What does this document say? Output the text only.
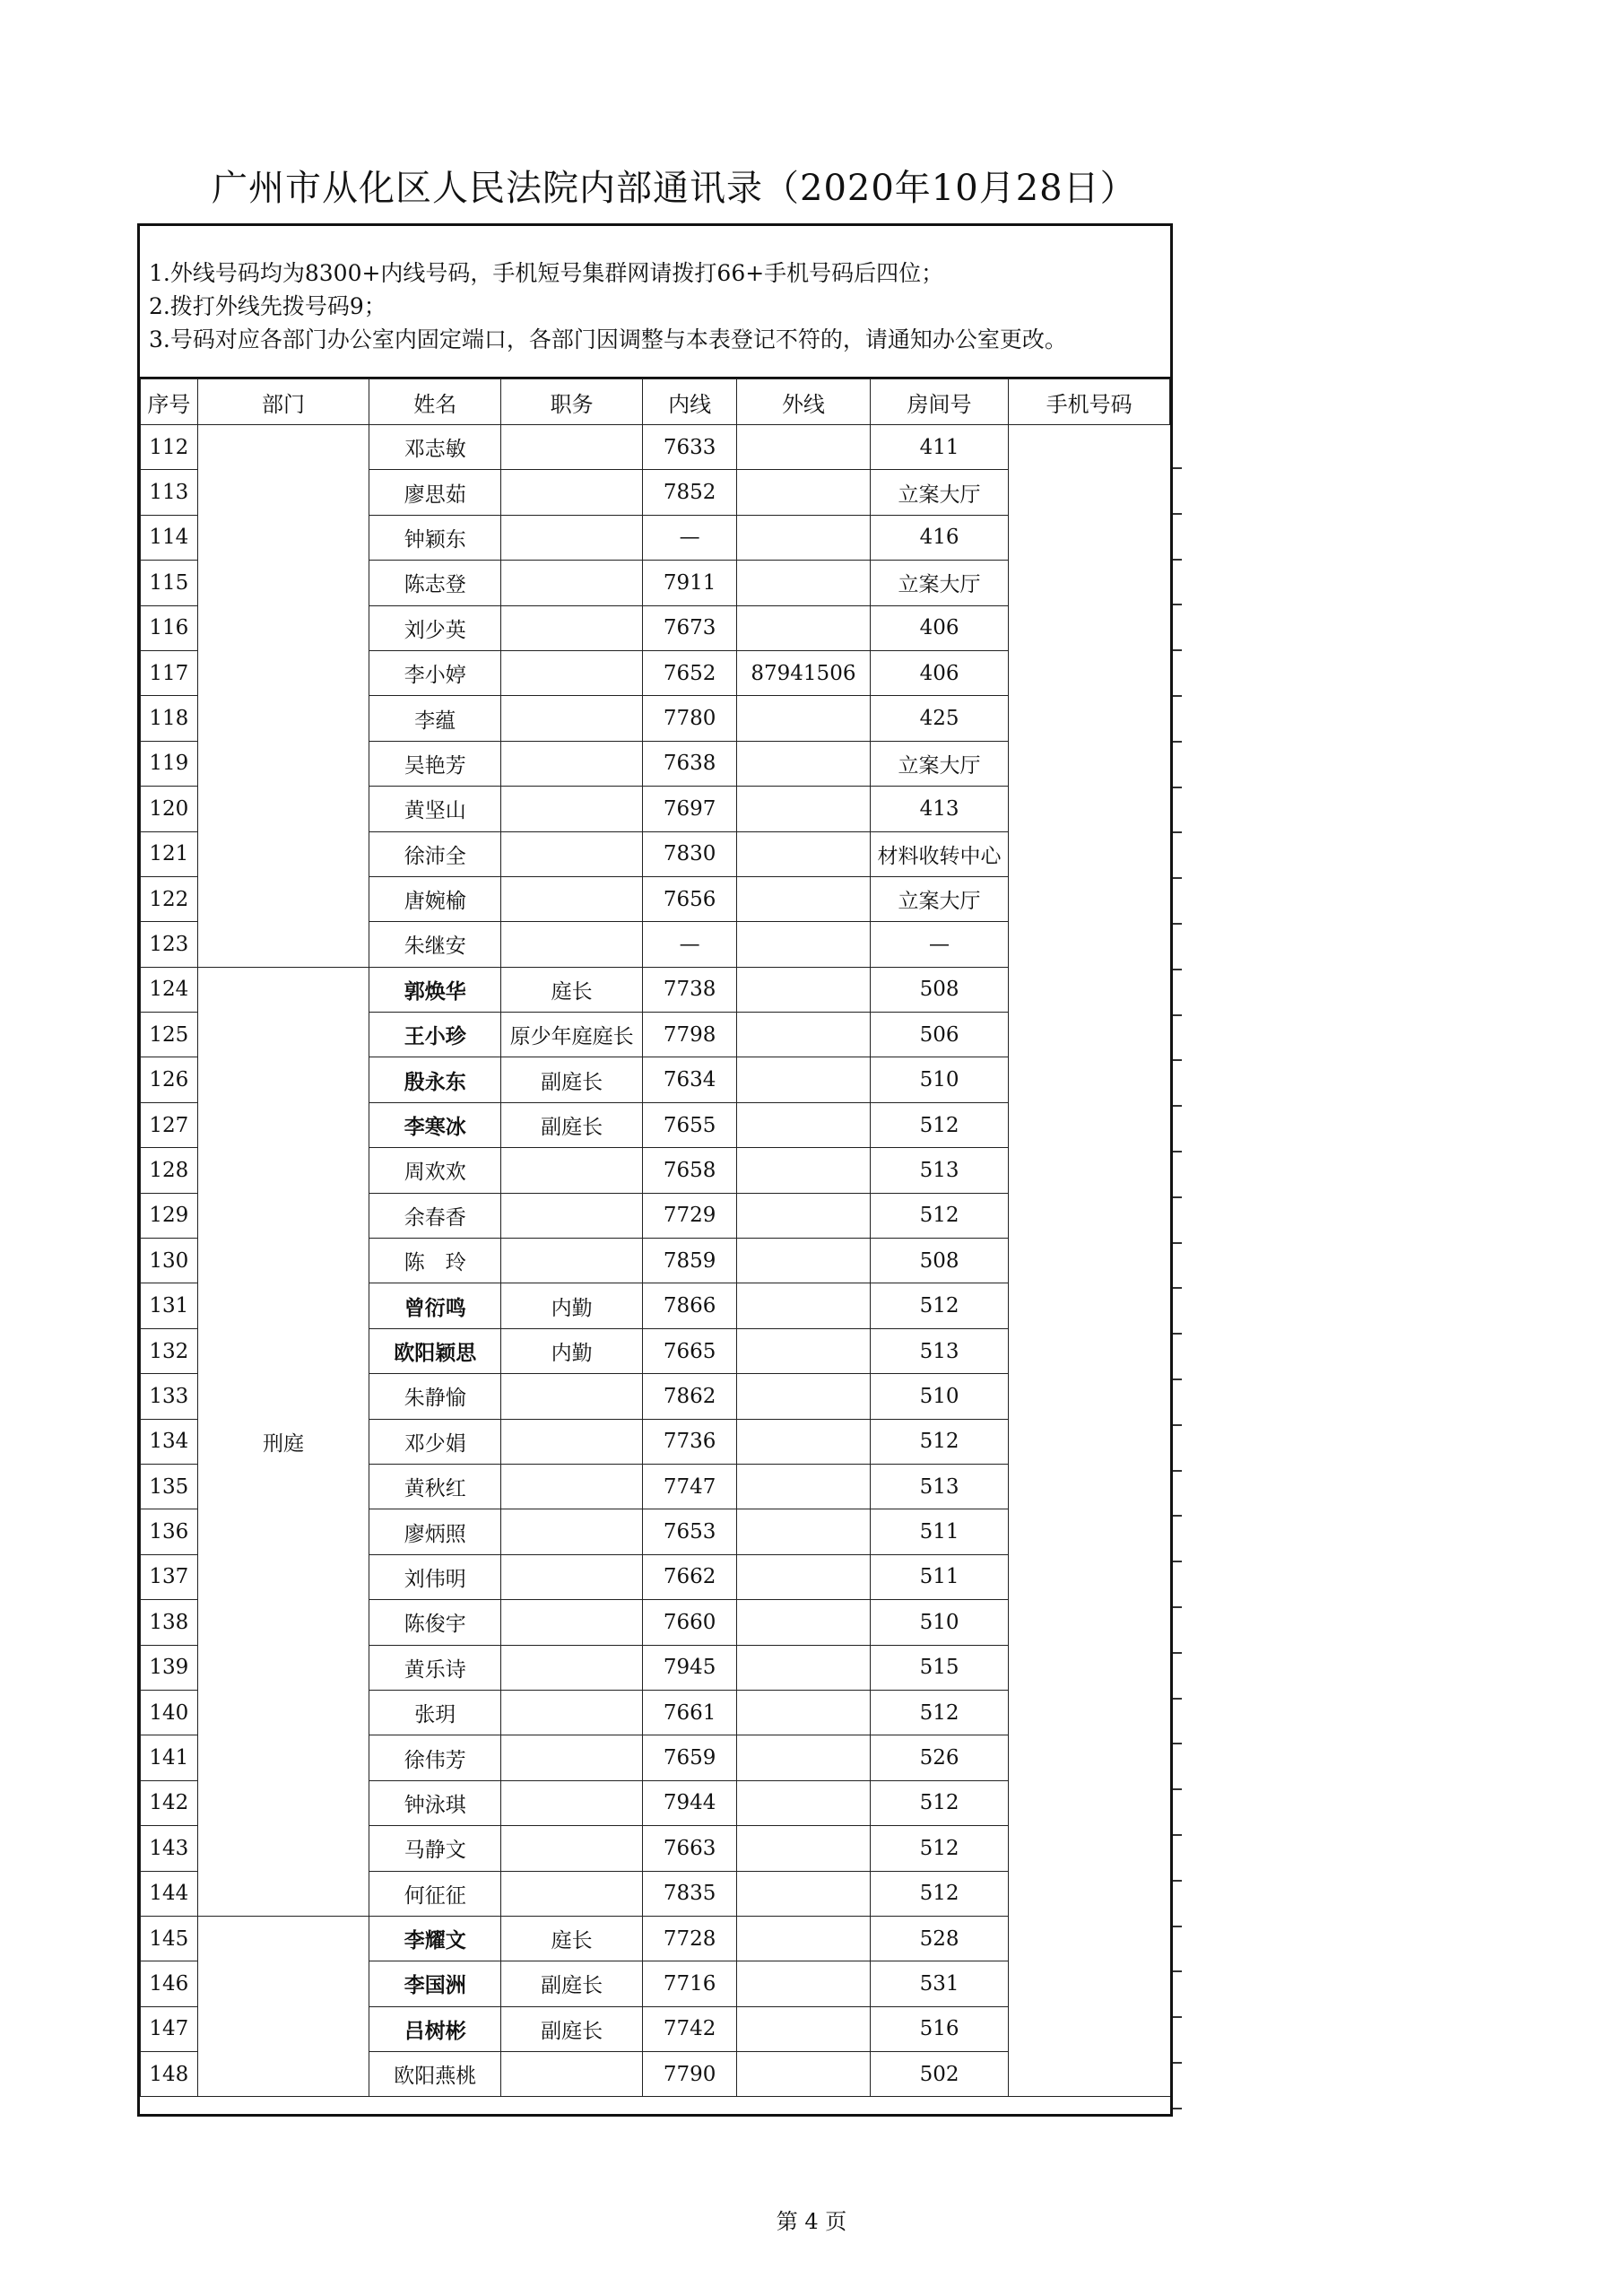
广州市从化区人民法院内部通讯录（2020年10月28日）
1.外线号码均为8300+内线号码，手机短号集群网请拨打66+手机号码后四位；
2.拨打外线先拨号码9；
3.号码对应各部门办公室内固定端口，各部门因调整与本表登记不符的，请通知办公室更改。
序号	部门	姓名	职务	内线	外线	房间号	手机号码
112		邓志敏		7633		411	
113		廖思茹		7852		立案大厅	
114		钟颖东		—		416	
115		陈志登		7911		立案大厅	
116		刘少英		7673		406	
117		李小婷		7652	87941506	406	
118		李蕴		7780		425	
119		吴艳芳		7638		立案大厅	
120		黄坚山		7697		413	
121		徐沛全		7830		材料收转中心	
122		唐婉榆		7656		立案大厅	
123		朱继安		—		—	
124	刑庭	郭焕华	庭长	7738		508	
125		王小珍	原少年庭庭长	7798		506	
126		殷永东	副庭长	7634		510	
127		李寒冰	副庭长	7655		512	
128		周欢欢		7658		513	
129		余春香		7729		512	
130		陈　玲		7859		508	
131		曾衍鸣	内勤	7866		512	
132		欧阳颖思	内勤	7665		513	
133		朱静愉		7862		510	
134		邓少娟		7736		512	
135		黄秋红		7747		513	
136		廖炳照		7653		511	
137		刘伟明		7662		511	
138		陈俊宇		7660		510	
139		黄乐诗		7945		515	
140		张玥		7661		512	
141		徐伟芳		7659		526	
142		钟泳琪		7944		512	
143		马静文		7663		512	
144		何征征		7835		512	
145		李耀文	庭长	7728		528	
146		李国洲	副庭长	7716		531	
147		吕树彬	副庭长	7742		516	
148		欧阳燕桃		7790		502	
第 4 页
